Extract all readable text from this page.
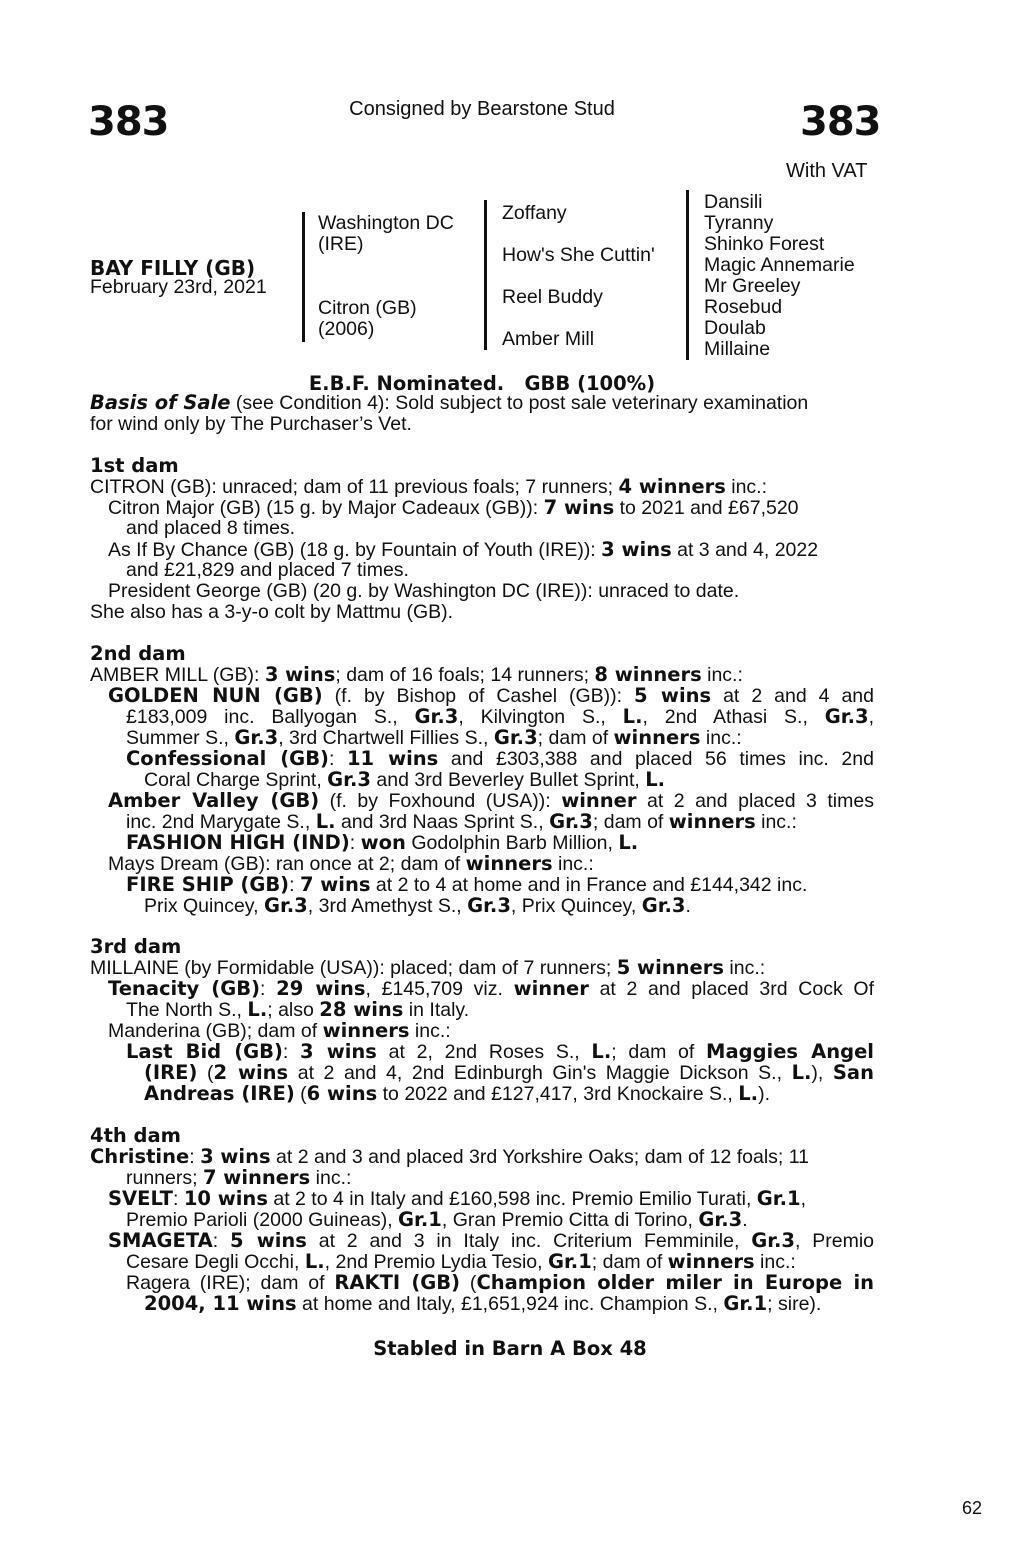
383	Consigned by Bearstone Stud	383
With VAT
BAY FILLY (GB)
February 23rd, 2021
Washington DC
(IRE)
Citron (GB)
(2006)
Zoffany
How's She Cuttin'
Reel Buddy
Amber Mill
Dansili
Tyranny
Shinko Forest
Magic Annemarie
Mr Greeley
Rosebud
Doulab
Millaine
E.B.F. Nominated.   GBB (100%)
Basis of Sale (see Condition 4): Sold subject to post sale veterinary examination
for wind only by The Purchaser’s Vet.
1st dam
CITRON (GB): unraced; dam of 11 previous foals; 7 runners; 4 winners inc.:
Citron Major (GB) (15 g. by Major Cadeaux (GB)): 7 wins to 2021 and £67,520
and placed 8 times.
As If By Chance (GB) (18 g. by Fountain of Youth (IRE)): 3 wins at 3 and 4, 2022
and £21,829 and placed 7 times.
President George (GB) (20 g. by Washington DC (IRE)): unraced to date.
She also has a 3-y-o colt by Mattmu (GB).
2nd dam
AMBER MILL (GB): 3 wins; dam of 16 foals; 14 runners; 8 winners inc.:
GOLDEN NUN (GB) (f. by Bishop of Cashel (GB)): 5 wins at 2 and 4 and
£183,009 inc. Ballyogan S., Gr.3, Kilvington S., L., 2nd Athasi S., Gr.3,
Summer S., Gr.3, 3rd Chartwell Fillies S., Gr.3; dam of winners inc.:
Confessional (GB): 11 wins and £303,388 and placed 56 times inc. 2nd
Coral Charge Sprint, Gr.3 and 3rd Beverley Bullet Sprint, L.
Amber Valley (GB) (f. by Foxhound (USA)): winner at 2 and placed 3 times
inc. 2nd Marygate S., L. and 3rd Naas Sprint S., Gr.3; dam of winners inc.:
FASHION HIGH (IND): won Godolphin Barb Million, L.
Mays Dream (GB): ran once at 2; dam of winners inc.:
FIRE SHIP (GB): 7 wins at 2 to 4 at home and in France and £144,342 inc.
Prix Quincey, Gr.3, 3rd Amethyst S., Gr.3, Prix Quincey, Gr.3.
3rd dam
MILLAINE (by Formidable (USA)): placed; dam of 7 runners; 5 winners inc.:
Tenacity (GB): 29 wins, £145,709 viz. winner at 2 and placed 3rd Cock Of
The North S., L.; also 28 wins in Italy.
Manderina (GB); dam of winners inc.:
Last Bid (GB): 3 wins at 2, 2nd Roses S., L.; dam of Maggies Angel
(IRE) (2 wins at 2 and 4, 2nd Edinburgh Gin's Maggie Dickson S., L.), San
Andreas (IRE) (6 wins to 2022 and £127,417, 3rd Knockaire S., L.).
4th dam
Christine: 3 wins at 2 and 3 and placed 3rd Yorkshire Oaks; dam of 12 foals; 11
runners; 7 winners inc.:
SVELT: 10 wins at 2 to 4 in Italy and £160,598 inc. Premio Emilio Turati, Gr.1,
Premio Parioli (2000 Guineas), Gr.1, Gran Premio Citta di Torino, Gr.3.
SMAGETA: 5 wins at 2 and 3 in Italy inc. Criterium Femminile, Gr.3, Premio
Cesare Degli Occhi, L., 2nd Premio Lydia Tesio, Gr.1; dam of winners inc.:
Ragera (IRE); dam of RAKTI (GB) (Champion older miler in Europe in
2004, 11 wins at home and Italy, £1,651,924 inc. Champion S., Gr.1; sire).
Stabled in Barn A Box 48
62
